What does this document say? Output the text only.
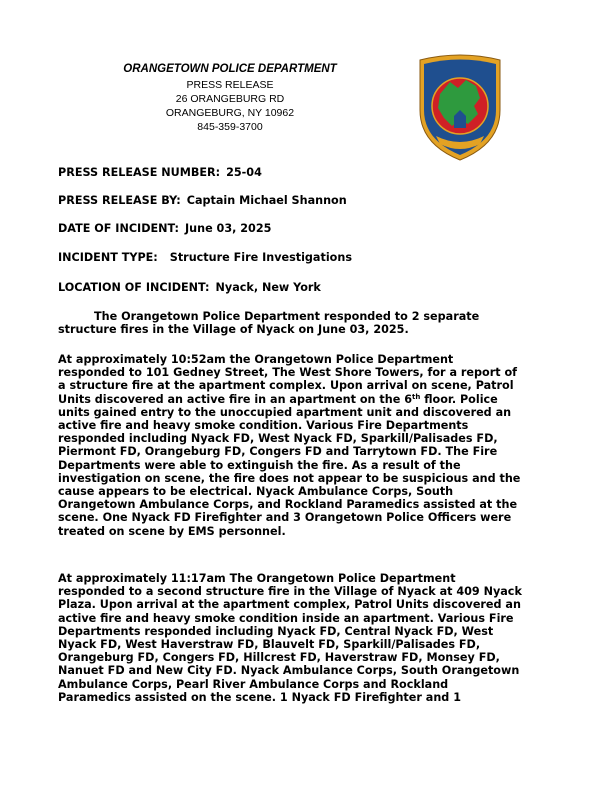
ORANGETOWN POLICE DEPARTMENT
PRESS RELEASE
26 ORANGEBURG RD
ORANGEBURG, NY 10962
845-359-3700
PRESS RELEASE NUMBER: 25-04
PRESS RELEASE BY: Captain Michael Shannon
DATE OF INCIDENT: June 03, 2025
INCIDENT TYPE: Structure Fire Investigations
LOCATION OF INCIDENT: Nyack, New York

The Orangetown Police Department responded to 2 separate
structure fires in the Village of Nyack on June 03, 2025.

At approximately 10:52am the Orangetown Police Department
responded to 101 Gedney Street, The West Shore Towers, for a report of
a structure fire at the apartment complex. Upon arrival on scene, Patrol
Units discovered an active fire in an apartment on the 6th floor. Police
units gained entry to the unoccupied apartment unit and discovered an
active fire and heavy smoke condition. Various Fire Departments
responded including Nyack FD, West Nyack FD, Sparkill/Palisades FD,
Piermont FD, Orangeburg FD, Congers FD and Tarrytown FD. The Fire
Departments were able to extinguish the fire. As a result of the
investigation on scene, the fire does not appear to be suspicious and the
cause appears to be electrical. Nyack Ambulance Corps, South
Orangetown Ambulance Corps, and Rockland Paramedics assisted at the
scene. One Nyack FD Firefighter and 3 Orangetown Police Officers were
treated on scene by EMS personnel.

At approximately 11:17am The Orangetown Police Department
responded to a second structure fire in the Village of Nyack at 409 Nyack
Plaza. Upon arrival at the apartment complex, Patrol Units discovered an
active fire and heavy smoke condition inside an apartment. Various Fire
Departments responded including Nyack FD, Central Nyack FD, West
Nyack FD, West Haverstraw FD, Blauvelt FD, Sparkill/Palisades FD,
Orangeburg FD, Congers FD, Hillcrest FD, Haverstraw FD, Monsey FD,
Nanuet FD and New City FD. Nyack Ambulance Corps, South Orangetown
Ambulance Corps, Pearl River Ambulance Corps and Rockland
Paramedics assisted on the scene. 1 Nyack FD Firefighter and 1
